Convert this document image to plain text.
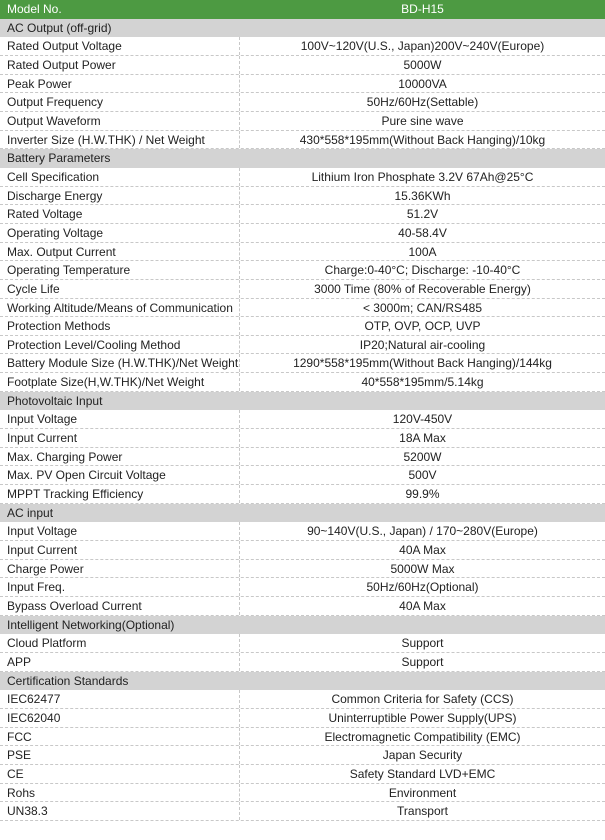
Model No.	BD-H15
AC Output (off-grid)
Rated Output Voltage	100V~120V(U.S., Japan)200V~240V(Europe)
Rated Output Power	5000W
Peak Power	10000VA
Output Frequency	50Hz/60Hz(Settable)
Output Waveform	Pure sine wave
Inverter Size (H.W.THK) / Net Weight	430*558*195mm(Without Back Hanging)/10kg
Battery Parameters
Cell Specification	Lithium Iron Phosphate 3.2V 67Ah@25°C
Discharge Energy	15.36KWh
Rated Voltage	51.2V
Operating Voltage	40-58.4V
Max. Output Current	100A
Operating Temperature	Charge:0-40°C; Discharge: -10-40°C
Cycle Life	3000 Time (80% of Recoverable Energy)
Working Altitude/Means of Communication	< 3000m; CAN/RS485
Protection Methods	OTP, OVP, OCP, UVP
Protection Level/Cooling Method	IP20;Natural air-cooling
Battery Module Size (H.W.THK)/Net Weight	1290*558*195mm(Without Back Hanging)/144kg
Footplate Size(H,W.THK)/Net Weight	40*558*195mm/5.14kg
Photovoltaic Input
Input Voltage	120V-450V
Input Current	18A Max
Max. Charging Power	5200W
Max. PV Open Circuit Voltage	500V
MPPT Tracking Efficiency	99.9%
AC input
Input Voltage	90~140V(U.S., Japan) / 170~280V(Europe)
Input Current	40A Max
Charge Power	5000W Max
Input Freq.	50Hz/60Hz(Optional)
Bypass Overload Current	40A Max
Intelligent Networking(Optional)
Cloud Platform	Support
APP	Support
Certification Standards
IEC62477	Common Criteria for Safety (CCS)
IEC62040	Uninterruptible Power Supply(UPS)
FCC	Electromagnetic Compatibility (EMC)
PSE	Japan Security
CE	Safety Standard LVD+EMC
Rohs	Environment
UN38.3	Transport
